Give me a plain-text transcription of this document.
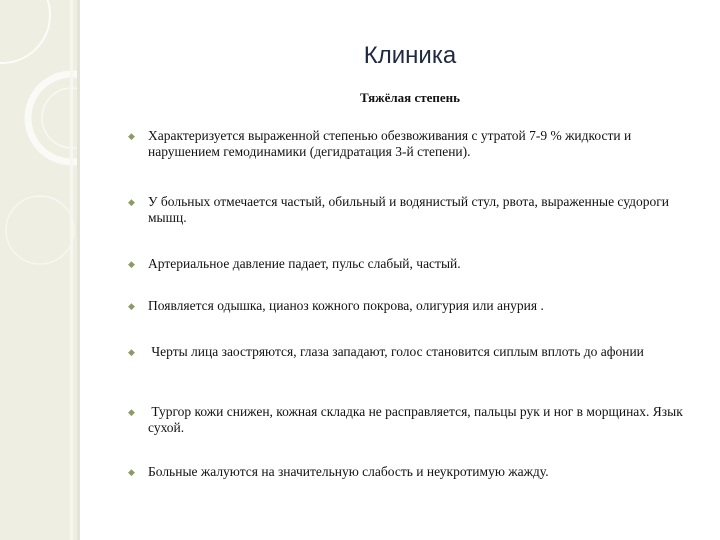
Клиника
Тяжёлая степень
◆ Характеризуется выраженной степенью обезвоживания с утратой 7-9 % жидкости и нарушением гемодинамики (дегидратация 3-й степени).
◆ У больных отмечается частый, обильный и водянистый стул, рвота, выраженные судороги мышц.
◆ Артериальное давление падает, пульс слабый, частый.
◆ Появляется одышка, цианоз кожного покрова, олигурия или анурия .
◆ Черты лица заостряются, глаза западают, голос становится сиплым вплоть до афонии
◆ Тургор кожи снижен, кожная складка не расправляется, пальцы рук и ног в морщинах. Язык сухой.
◆ Больные жалуются на значительную слабость и неукротимую жажду.
